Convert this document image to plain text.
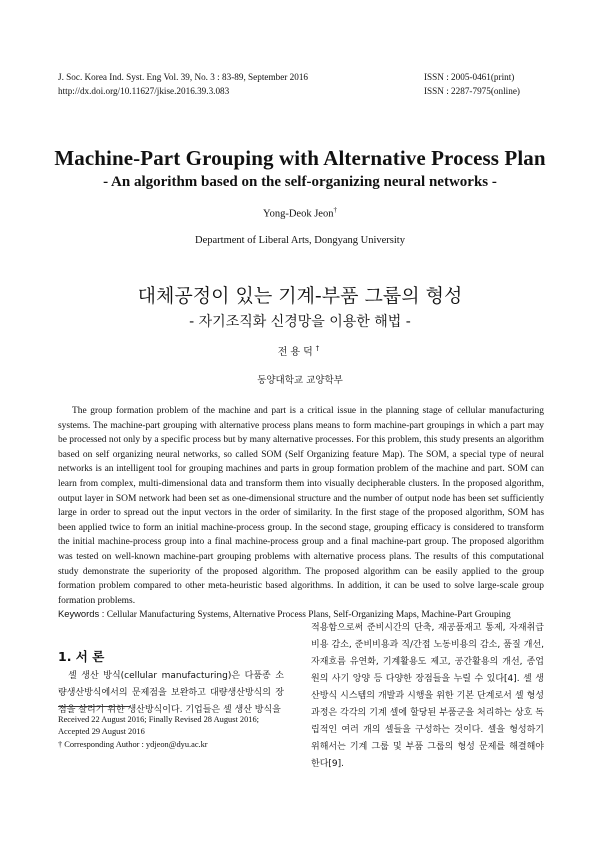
J. Soc. Korea Ind. Syst. Eng Vol. 39, No. 3 : 83-89, September 2016
http://dx.doi.org/10.11627/jkise.2016.39.3.083
ISSN : 2005-0461(print)
ISSN : 2287-7975(online)
Machine-Part Grouping with Alternative Process Plan
- An algorithm based on the self-organizing neural networks -
Yong-Deok Jeon†
Department of Liberal Arts, Dongyang University
대체공정이 있는 기계-부품 그룹의 형성
- 자기조직화 신경망을 이용한 해법 -
전용덕†
동양대학교 교양학부

The group formation problem of the machine and part is a critical issue in the planning stage of cellular manufacturing systems. The machine-part grouping with alternative process plans means to form machine-part groupings in which a part may be processed not only by a specific process but by many alternative processes. For this problem, this study presents an algorithm based on self organizing neural networks, so called SOM (Self Organizing feature Map). The SOM, a special type of neural networks is an intelligent tool for grouping machines and parts in group formation problem of the machine and part. SOM can learn from complex, multi-dimensional data and transform them into visually decipherable clusters. In the proposed algorithm, output layer in SOM network had been set as one-dimensional structure and the number of output node has been set sufficiently large in order to spread out the input vectors in the order of similarity. In the first stage of the proposed algorithm, SOM has been applied twice to form an initial machine-process group. In the second stage, grouping efficacy is considered to transform the initial machine-process group into a final machine-process group and a final machine-part group. The proposed algorithm was tested on well-known machine-part grouping problems with alternative process plans. The results of this computational study demonstrate the superiority of the proposed algorithm. The proposed algorithm can be easily applied to the group formation problem compared to other meta-heuristic based algorithms. In addition, it can be used to solve large-scale group formation problems.

Keywords : Cellular Manufacturing Systems, Alternative Process Plans, Self-Organizing Maps, Machine-Part Grouping
1. 서 론

셀 생산 방식(cellular manufacturing)은 다품종 소량생산방식에서의 문제점을 보완하고 대량생산방식의 장점을 살리기 위한 생산방식이다. 기업들은 셀 생산 방식을

Received 22 August 2016; Finally Revised 28 August 2016; Accepted 29 August 2016
† Corresponding Author : ydjeon@dyu.ac.kr

적용함으로써 준비시간의 단축, 재공품재고 통제, 자재취급비용 감소, 준비비용과 직/간접 노동비용의 감소, 품질 개선, 자재흐름 유연화, 기계활용도 제고, 공간활용의 개선, 종업원의 사기 앙양 등 다양한 장점들을 누릴 수 있다[4]. 셀 생산방식 시스템의 개발과 시행을 위한 기본 단계로서 셀 형성 과정은 각각의 기계 셀에 할당된 부품군을 처리하는 상호 독립적인 여러 개의 셀들을 구성하는 것이다. 셀을 형성하기 위해서는 기계 그룹 및 부품 그룹의 형성 문제를 해결해야 한다[9].
